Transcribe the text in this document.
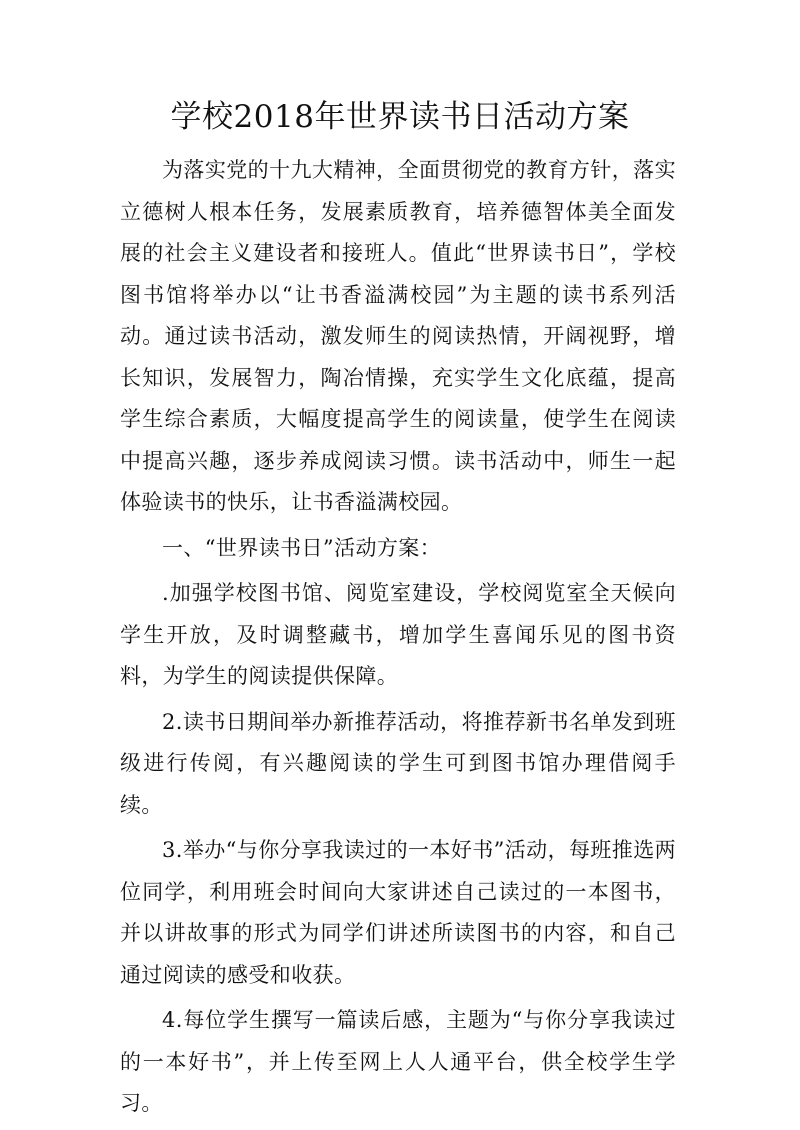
学校2018年世界读书日活动方案

为落实党的十九大精神，全面贯彻党的教育方针，落实立德树人根本任务，发展素质教育，培养德智体美全面发展的社会主义建设者和接班人。值此“世界读书日”，学校图书馆将举办以“让书香溢满校园”为主题的读书系列活动。通过读书活动，激发师生的阅读热情，开阔视野，增长知识，发展智力，陶冶情操，充实学生文化底蕴，提高学生综合素质，大幅度提高学生的阅读量，使学生在阅读中提高兴趣，逐步养成阅读习惯。读书活动中，师生一起体验读书的快乐，让书香溢满校园。

一、“世界读书日”活动方案：

.加强学校图书馆、阅览室建设，学校阅览室全天候向学生开放，及时调整藏书，增加学生喜闻乐见的图书资料，为学生的阅读提供保障。

2.读书日期间举办新推荐活动，将推荐新书名单发到班级进行传阅，有兴趣阅读的学生可到图书馆办理借阅手续。

3.举办“与你分享我读过的一本好书”活动，每班推选两位同学，利用班会时间向大家讲述自己读过的一本图书，并以讲故事的形式为同学们讲述所读图书的内容，和自己通过阅读的感受和收获。

4.每位学生撰写一篇读后感，主题为“与你分享我读过的一本好书”，并上传至网上人人通平台，供全校学生学习。
